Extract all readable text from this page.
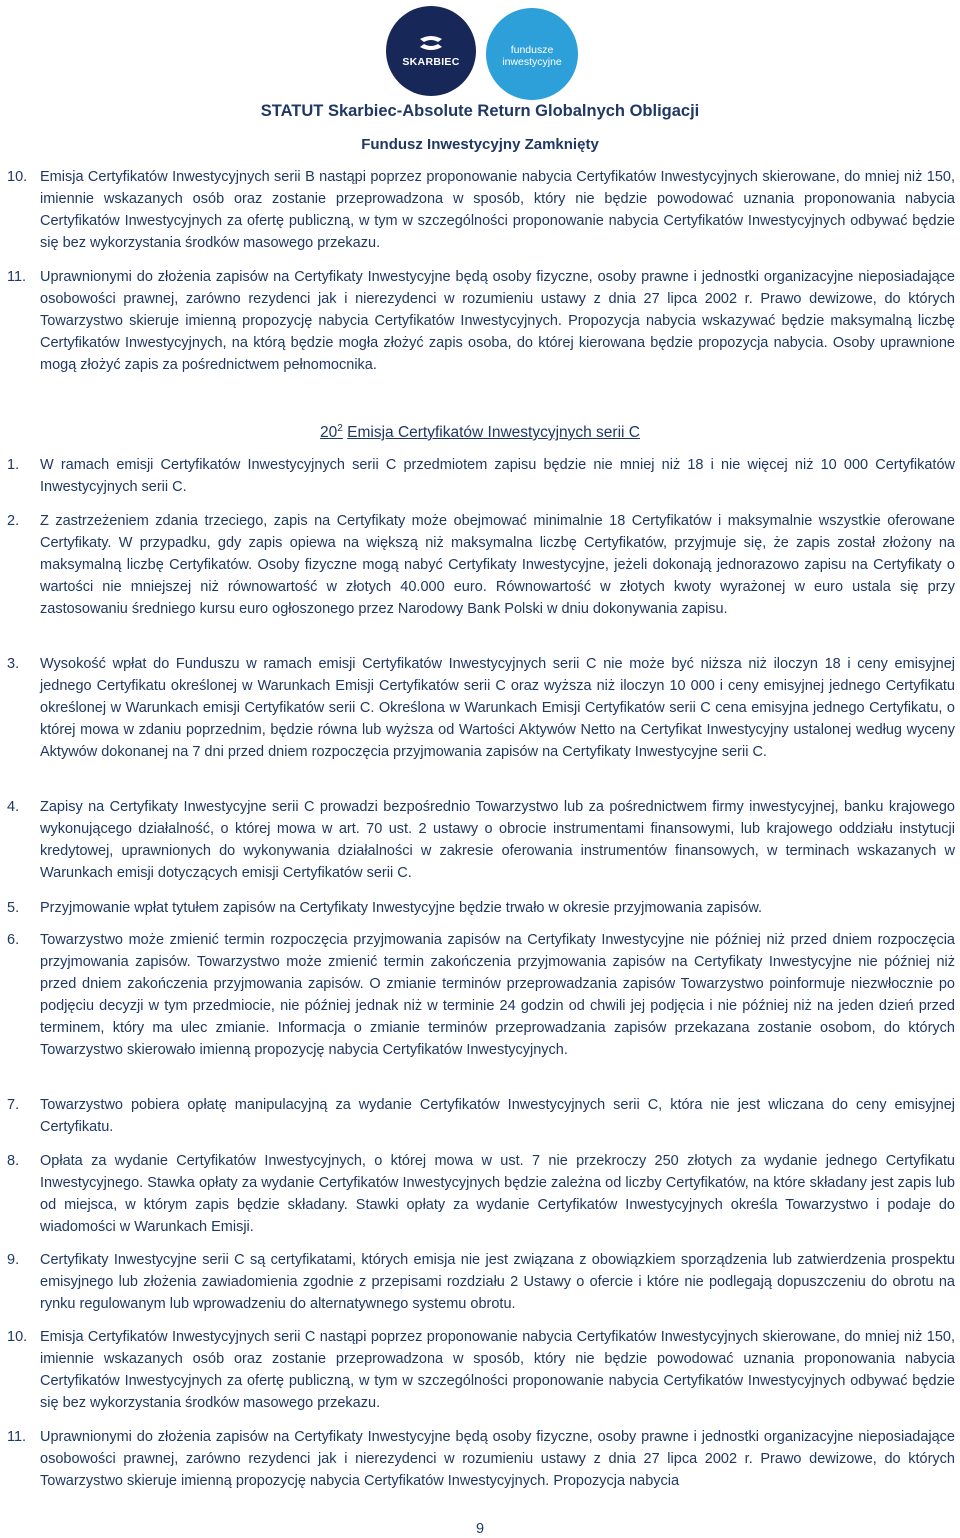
SKARBIEC
fundusze
inwestycyjne
STATUT Skarbiec-Absolute Return Globalnych Obligacji
Fundusz Inwestycyjny Zamknięty
10. Emisja Certyfikatów Inwestycyjnych serii B nastąpi poprzez proponowanie nabycia Certyfikatów Inwestycyjnych skierowane, do mniej niż 150, imiennie wskazanych osób oraz zostanie przeprowadzona w sposób, który nie będzie powodować uznania proponowania nabycia Certyfikatów Inwestycyjnych za ofertę publiczną, w tym w szczególności proponowanie nabycia Certyfikatów Inwestycyjnych odbywać będzie się bez wykorzystania środków masowego przekazu.
11. Uprawnionymi do złożenia zapisów na Certyfikaty Inwestycyjne będą osoby fizyczne, osoby prawne i jednostki organizacyjne nieposiadające osobowości prawnej, zarówno rezydenci jak i nierezydenci w rozumieniu ustawy z dnia 27 lipca 2002 r. Prawo dewizowe, do których Towarzystwo skieruje imienną propozycję nabycia Certyfikatów Inwestycyjnych. Propozycja nabycia wskazywać będzie maksymalną liczbę Certyfikatów Inwestycyjnych, na którą będzie mogła złożyć zapis osoba, do której kierowana będzie propozycja nabycia. Osoby uprawnione mogą złożyć zapis za pośrednictwem pełnomocnika.
$20^2$ Emisja Certyfikatów Inwestycyjnych serii C
1.	W ramach emisji Certyfikatów Inwestycyjnych serii C przedmiotem zapisu będzie nie mniej niż 18 i nie więcej niż 10 000 Certyfikatów Inwestycyjnych serii C.
2.	Z zastrzeżeniem zdania trzeciego, zapis na Certyfikaty może obejmować minimalnie 18 Certyfikatów i maksymalnie wszystkie oferowane Certyfikaty. W przypadku, gdy zapis opiewa na większą niż maksymalna liczbę Certyfikatów, przyjmuje się, że zapis został złożony na maksymalną liczbę Certyfikatów. Osoby fizyczne mogą nabyć Certyfikaty Inwestycyjne, jeżeli dokonają jednorazowo zapisu na Certyfikaty o wartości nie mniejszej niż równowartość w złotych 40.000 euro. Równowartość w złotych kwoty wyrażonej w euro ustala się przy zastosowaniu średniego kursu euro ogłoszonego przez Narodowy Bank Polski w dniu dokonywania zapisu.
3.	Wysokość wpłat do Funduszu w ramach emisji Certyfikatów Inwestycyjnych serii C nie może być niższa niż iloczyn 18 i ceny emisyjnej jednego Certyfikatu określonej w Warunkach Emisji Certyfikatów serii C oraz wyższa niż iloczyn 10 000 i ceny emisyjnej jednego Certyfikatu określonej w Warunkach emisji Certyfikatów serii C. Określona w Warunkach Emisji Certyfikatów serii C cena emisyjna jednego Certyfikatu, o której mowa w zdaniu poprzednim, będzie równa lub wyższa od Wartości Aktywów Netto na Certyfikat Inwestycyjny ustalonej według wyceny Aktywów dokonanej na 7 dni przed dniem rozpoczęcia przyjmowania zapisów na Certyfikaty Inwestycyjne serii C.
4.	Zapisy na Certyfikaty Inwestycyjne serii C prowadzi bezpośrednio Towarzystwo lub za pośrednictwem firmy inwestycyjnej, banku krajowego wykonującego działalność, o której mowa w art. 70 ust. 2 ustawy o obrocie instrumentami finansowymi, lub krajowego oddziału instytucji kredytowej, uprawnionych do wykonywania działalności w zakresie oferowania instrumentów finansowych, w terminach wskazanych w Warunkach emisji dotyczących emisji Certyfikatów serii C.
5.	Przyjmowanie wpłat tytułem zapisów na Certyfikaty Inwestycyjne będzie trwało w okresie przyjmowania zapisów.
6.	Towarzystwo może zmienić termin rozpoczęcia przyjmowania zapisów na Certyfikaty Inwestycyjne nie później niż przed dniem rozpoczęcia przyjmowania zapisów. Towarzystwo może zmienić termin zakończenia przyjmowania zapisów na Certyfikaty Inwestycyjne nie później niż przed dniem zakończenia przyjmowania zapisów. O zmianie terminów przeprowadzania zapisów Towarzystwo poinformuje niezwłocznie po podjęciu decyzji w tym przedmiocie, nie później jednak niż w terminie 24 godzin od chwili jej podjęcia i nie później niż na jeden dzień przed terminem, który ma ulec zmianie. Informacja o zmianie terminów przeprowadzania zapisów przekazana zostanie osobom, do których Towarzystwo skierowało imienną propozycję nabycia Certyfikatów Inwestycyjnych.
7.	Towarzystwo pobiera opłatę manipulacyjną za wydanie Certyfikatów Inwestycyjnych serii C, która nie jest wliczana do ceny emisyjnej Certyfikatu.
8.	Opłata za wydanie Certyfikatów Inwestycyjnych, o której mowa w ust. 7 nie przekroczy 250 złotych za wydanie jednego Certyfikatu Inwestycyjnego. Stawka opłaty za wydanie Certyfikatów Inwestycyjnych będzie zależna od liczby Certyfikatów, na które składany jest zapis lub od miejsca, w którym zapis będzie składany. Stawki opłaty za wydanie Certyfikatów Inwestycyjnych określa Towarzystwo i podaje do wiadomości w Warunkach Emisji.
9.	Certyfikaty Inwestycyjne serii C są certyfikatami, których emisja nie jest związana z obowiązkiem sporządzenia lub zatwierdzenia prospektu emisyjnego lub złożenia zawiadomienia zgodnie z przepisami rozdziału 2 Ustawy o ofercie i które nie podlegają dopuszczeniu do obrotu na rynku regulowanym lub wprowadzeniu do alternatywnego systemu obrotu.
10. Emisja Certyfikatów Inwestycyjnych serii C nastąpi poprzez proponowanie nabycia Certyfikatów Inwestycyjnych skierowane, do mniej niż 150, imiennie wskazanych osób oraz zostanie przeprowadzona w sposób, który nie będzie powodować uznania proponowania nabycia Certyfikatów Inwestycyjnych za ofertę publiczną, w tym w szczególności proponowanie nabycia Certyfikatów Inwestycyjnych odbywać będzie się bez wykorzystania środków masowego przekazu.
11. Uprawnionymi do złożenia zapisów na Certyfikaty Inwestycyjne będą osoby fizyczne, osoby prawne i jednostki organizacyjne nieposiadające osobowości prawnej, zarówno rezydenci jak i nierezydenci w rozumieniu ustawy z dnia 27 lipca 2002 r. Prawo dewizowe, do których Towarzystwo skieruje imienną propozycję nabycia Certyfikatów Inwestycyjnych. Propozycja nabycia
9
